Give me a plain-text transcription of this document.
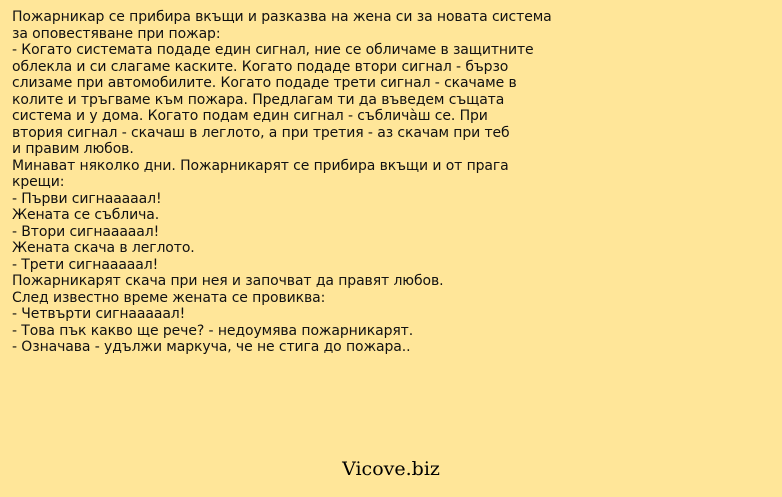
Пожарникар се прибира вкъщи и разказва на жена си за новата система
за оповестяване при пожар:
- Когато системата подаде един сигнал, ние се обличаме в защитните
облекла и си слагаме каските. Когато подаде втори сигнал - бързо
слизаме при автомобилите. Когато подаде трети сигнал - скачаме в
колите и тръгваме към пожара. Предлагам ти да въведем същата
система и у дома. Когато подам един сигнал - съблича̀ш се. При
втория сигнал - скачаш в леглото, а при третия - аз скачам при теб
и правим любов.
Минават няколко дни. Пожарникарят се прибира вкъщи и от прага
крещи:
- Първи сигнааааал!
Жената се съблича.
- Втори сигнааааал!
Жената скача в леглото.
- Трети сигнааааал!
Пожарникарят скача при нея и започват да правят любов.
След известно време жената се провиква:
- Четвърти сигнааааал!
- Това пък какво ще рече? - недоумява пожарникарят.
- Означава - удължи маркуча, че не стига до пожара..
Vicove.biz
